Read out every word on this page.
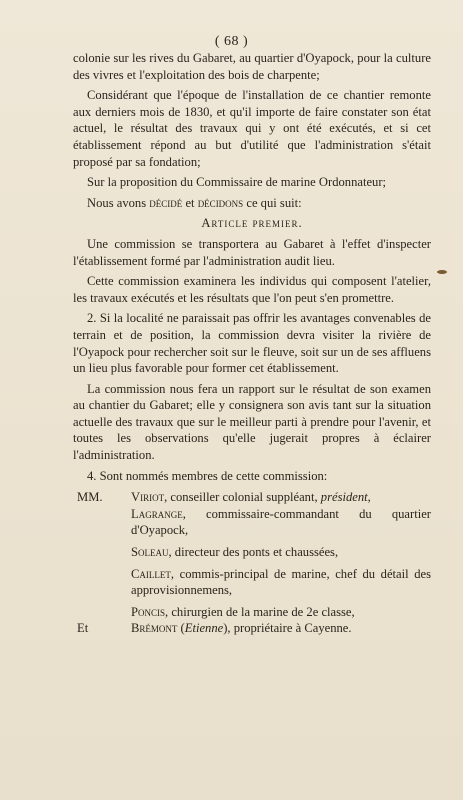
( 68 )

colonie sur les rives du Gabaret, au quartier d'Oyapock, pour la culture des vivres et l'exploitation des bois de charpente;

Considérant que l'époque de l'installation de ce chantier remonte aux derniers mois de 1830, et qu'il importe de faire constater son état actuel, le résultat des travaux qui y ont été exécutés, et si cet établissement répond au but d'utilité que l'administration s'était proposé par sa fondation;

Sur la proposition du Commissaire de marine Ordonnateur;

Nous avons décidé et décidons ce qui suit:

Article premier.

Une commission se transportera au Gabaret à l'effet d'inspecter l'établissement formé par l'administration audit lieu.

Cette commission examinera les individus qui composent l'atelier, les travaux exécutés et les résultats que l'on peut s'en promettre.

2. Si la localité ne paraissait pas offrir les avantages convenables de terrain et de position, la commission devra visiter la rivière de l'Oyapock pour rechercher soit sur le fleuve, soit sur un de ses affluens un lieu plus favorable pour former cet établissement.

La commission nous fera un rapport sur le résultat de son examen au chantier du Gabaret; elle y consignera son avis tant sur la situation actuelle des travaux que sur le meilleur parti à prendre pour l'avenir, et toutes les observations qu'elle jugerait propres à éclairer l'administration.

4. Sont nommés membres de cette commission:

MM. Viriot, conseiller colonial suppléant, président,
Lagrange, commissaire-commandant du quartier d'Oyapock,
Soleau, directeur des ponts et chaussées,
Caillet, commis-principal de marine, chef du détail des approvisionnemens,
Poncis, chirurgien de la marine de 2e classe,
Et	Brémont (Etienne), propriétaire à Cayenne.
